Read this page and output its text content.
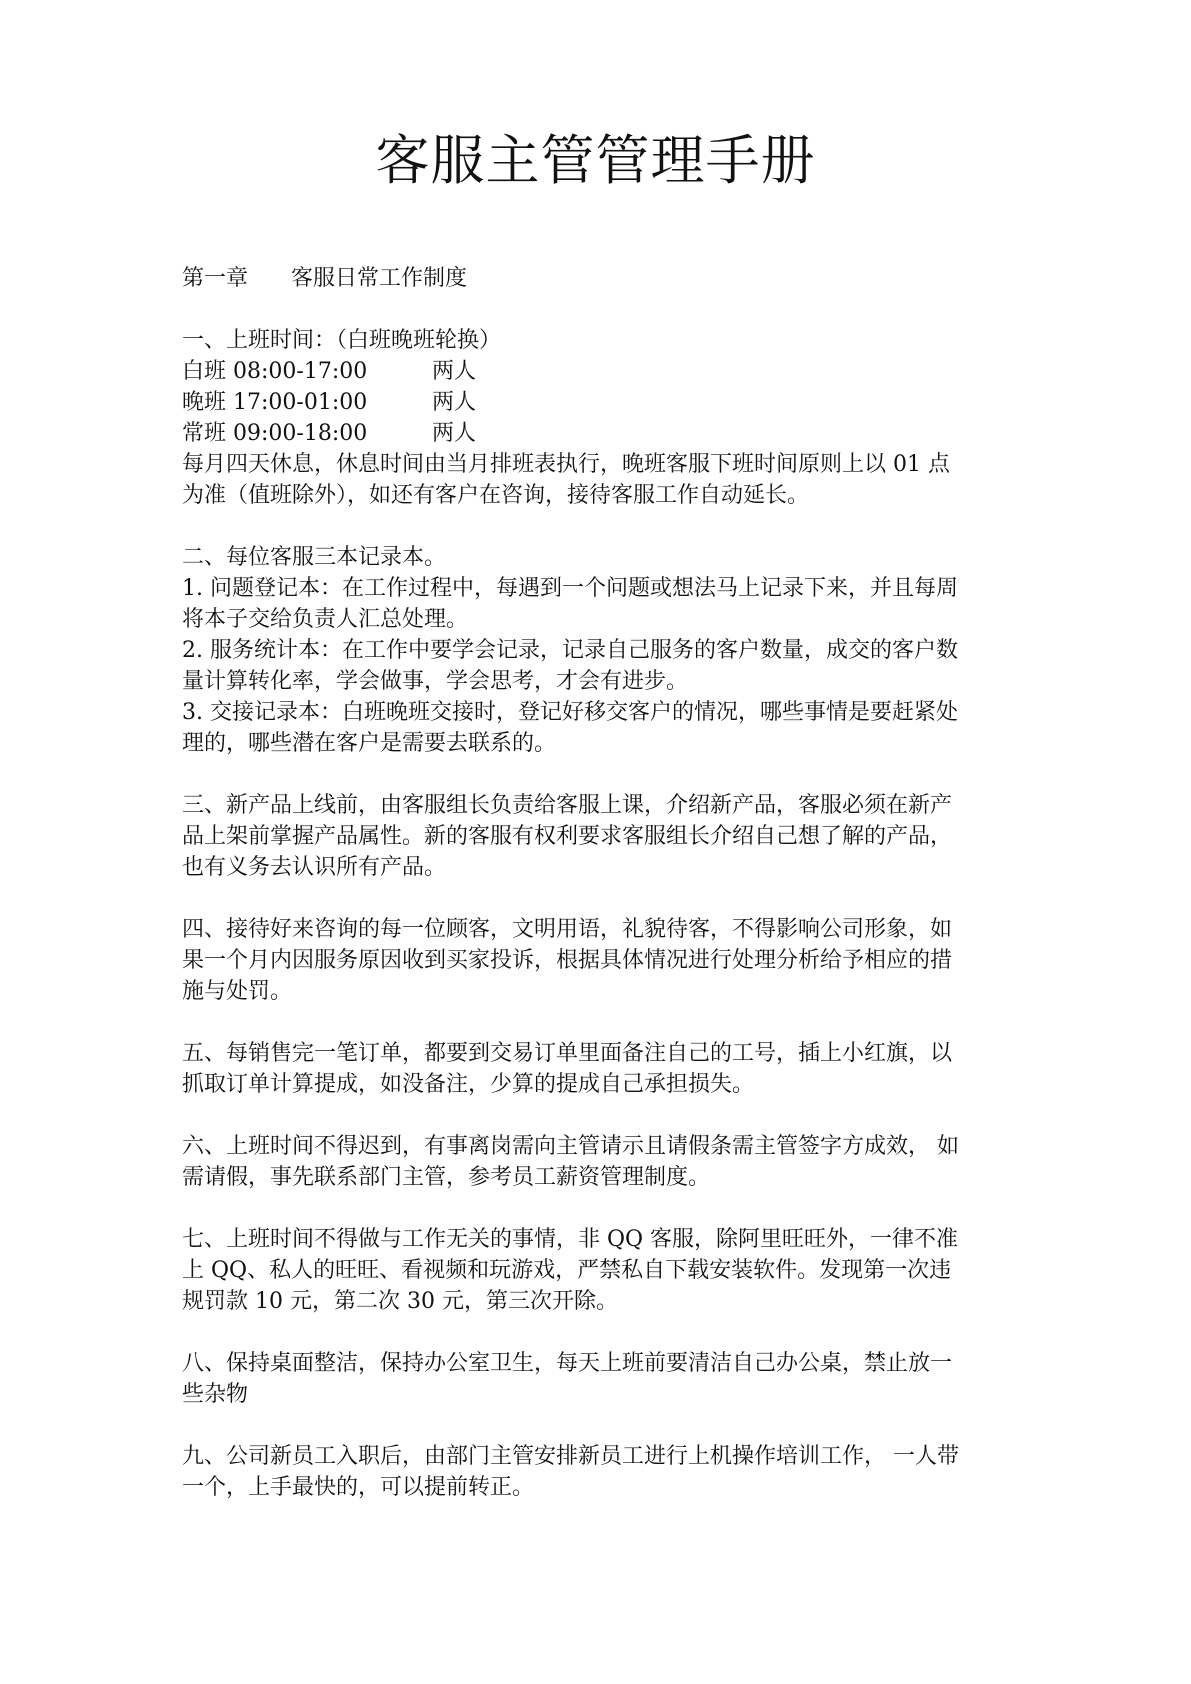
客服主管管理手册
第一章 客服日常工作制度
一、上班时间：（白班晚班轮换）
白班 08:00-17:00	两人
晚班 17:00-01:00	两人
常班 09:00-18:00	两人
每月四天休息，休息时间由当月排班表执行，晚班客服下班时间原则上以 01 点
为准（值班除外），如还有客户在咨询，接待客服工作自动延长。
二、每位客服三本记录本。
1. 问题登记本：在工作过程中，每遇到一个问题或想法马上记录下来，并且每周
将本子交给负责人汇总处理。
2. 服务统计本：在工作中要学会记录，记录自己服务的客户数量，成交的客户数
量计算转化率，学会做事，学会思考，才会有进步。
3. 交接记录本：白班晚班交接时，登记好移交客户的情况，哪些事情是要赶紧处
理的，哪些潜在客户是需要去联系的。
三、新产品上线前，由客服组长负责给客服上课，介绍新产品，客服必须在新产
品上架前掌握产品属性。新的客服有权利要求客服组长介绍自己想了解的产品，
也有义务去认识所有产品。
四、接待好来咨询的每一位顾客，文明用语，礼貌待客，不得影响公司形象，如
果一个月内因服务原因收到买家投诉，根据具体情况进行处理分析给予相应的措
施与处罚。
五、每销售完一笔订单，都要到交易订单里面备注自己的工号，插上小红旗，以
抓取订单计算提成，如没备注，少算的提成自己承担损失。
六、上班时间不得迟到，有事离岗需向主管请示且请假条需主管签字方成效， 如
需请假，事先联系部门主管，参考员工薪资管理制度。
七、上班时间不得做与工作无关的事情，非 QQ 客服，除阿里旺旺外，一律不准
上 QQ、私人的旺旺、看视频和玩游戏，严禁私自下载安装软件。发现第一次违
规罚款 10 元，第二次 30 元，第三次开除。
八、保持桌面整洁，保持办公室卫生，每天上班前要清洁自己办公桌，禁止放一
些杂物
九、公司新员工入职后，由部门主管安排新员工进行上机操作培训工作， 一人带
一个，上手最快的，可以提前转正。
